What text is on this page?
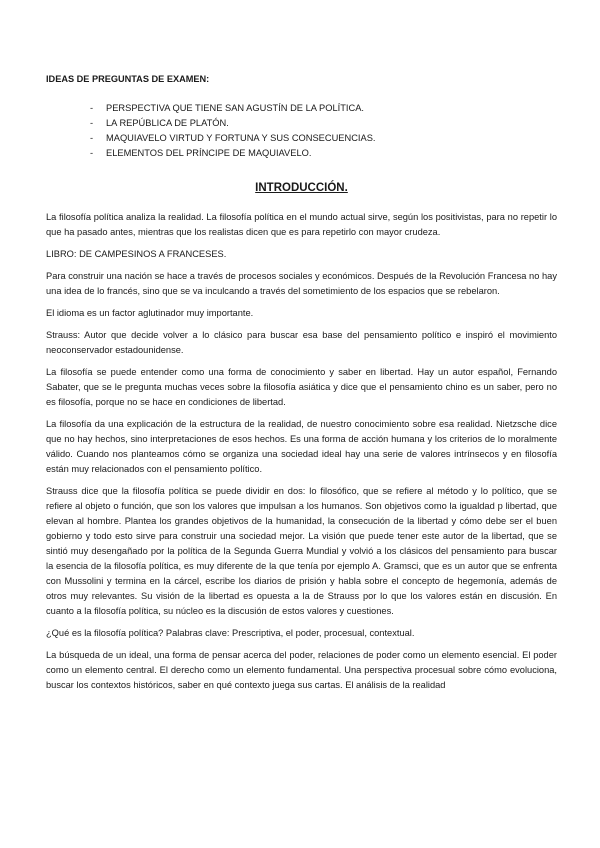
IDEAS DE PREGUNTAS DE EXAMEN:
- PERSPECTIVA QUE TIENE SAN AGUSTÍN DE LA POLÍTICA.
- LA REPÚBLICA DE PLATÓN.
- MAQUIAVELO VIRTUD Y FORTUNA Y SUS CONSECUENCIAS.
- ELEMENTOS DEL PRÍNCIPE DE MAQUIAVELO.
INTRODUCCIÓN.

La filosofía política analiza la realidad. La filosofía política en el mundo actual sirve, según los positivistas, para no repetir lo que ha pasado antes, mientras que los realistas dicen que es para repetirlo con mayor crudeza.

LIBRO: DE CAMPESINOS A FRANCESES.

Para construir una nación se hace a través de procesos sociales y económicos. Después de la Revolución Francesa no hay una idea de lo francés, sino que se va inculcando a través del sometimiento de los espacios que se rebelaron.

El idioma es un factor aglutinador muy importante.

Strauss: Autor que decide volver a lo clásico para buscar esa base del pensamiento político e inspiró el movimiento neoconservador estadounidense.

La filosofía se puede entender como una forma de conocimiento y saber en libertad. Hay un autor español, Fernando Sabater, que se le pregunta muchas veces sobre la filosofía asiática y dice que el pensamiento chino es un saber, pero no es filosofía, porque no se hace en condiciones de libertad.

La filosofía da una explicación de la estructura de la realidad, de nuestro conocimiento sobre esa realidad. Nietzsche dice que no hay hechos, sino interpretaciones de esos hechos. Es una forma de acción humana y los criterios de lo moralmente válido. Cuando nos planteamos cómo se organiza una sociedad ideal hay una serie de valores intrínsecos y en filosofía están muy relacionados con el pensamiento político.

Strauss dice que la filosofía política se puede dividir en dos: lo filosófico, que se refiere al método y lo político, que se refiere al objeto o función, que son los valores que impulsan a los humanos. Son objetivos como la igualdad p libertad, que elevan al hombre. Plantea los grandes objetivos de la humanidad, la consecución de la libertad y cómo debe ser el buen gobierno y todo esto sirve para construir una sociedad mejor. La visión que puede tener este autor de la libertad, que se sintió muy desengañado por la política de la Segunda Guerra Mundial y volvió a los clásicos del pensamiento para buscar la esencia de la filosofía política, es muy diferente de la que tenía por ejemplo A. Gramsci, que es un autor que se enfrenta con Mussolini y termina en la cárcel, escribe los diarios de prisión y habla sobre el concepto de hegemonía, además de otros muy relevantes. Su visión de la libertad es opuesta a la de Strauss por lo que los valores están en discusión. En cuanto a la filosofía política, su núcleo es la discusión de estos valores y cuestiones.

¿Qué es la filosofía política? Palabras clave: Prescriptiva, el poder, procesual, contextual.

La búsqueda de un ideal, una forma de pensar acerca del poder, relaciones de poder como un elemento esencial. El poder como un elemento central. El derecho como un elemento fundamental. Una perspectiva procesual sobre cómo evoluciona, buscar los contextos históricos, saber en qué contexto juega sus cartas. El análisis de la realidad
